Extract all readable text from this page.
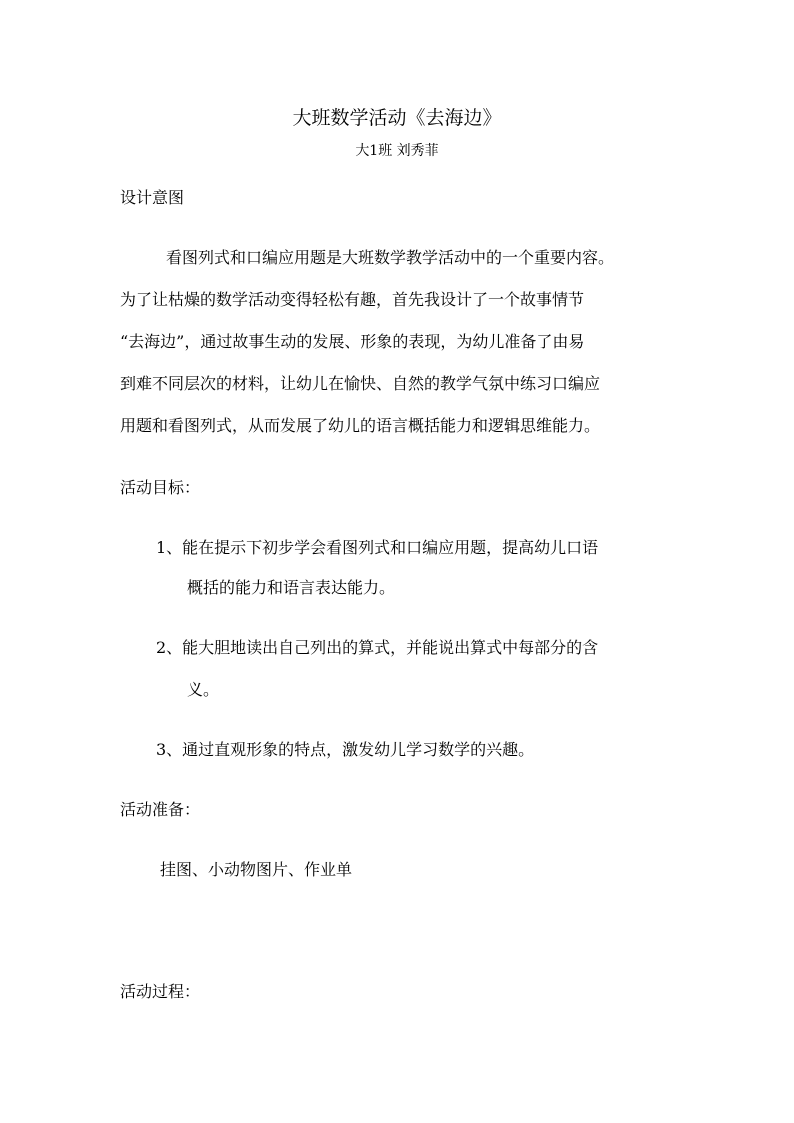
大班数学活动《去海边》
大1班 刘秀菲
设计意图
看图列式和口编应用题是大班数学教学活动中的一个重要内容。
为了让枯燥的数学活动变得轻松有趣，首先我设计了一个故事情节
“去海边”，通过故事生动的发展、形象的表现，为幼儿准备了由易
到难不同层次的材料，让幼儿在愉快、自然的教学气氛中练习口编应
用题和看图列式，从而发展了幼儿的语言概括能力和逻辑思维能力。
活动目标：
1、能在提示下初步学会看图列式和口编应用题，提高幼儿口语
概括的能力和语言表达能力。
2、能大胆地读出自己列出的算式，并能说出算式中每部分的含
义。
3、通过直观形象的特点，激发幼儿学习数学的兴趣。
活动准备：
挂图、小动物图片、作业单
活动过程：
